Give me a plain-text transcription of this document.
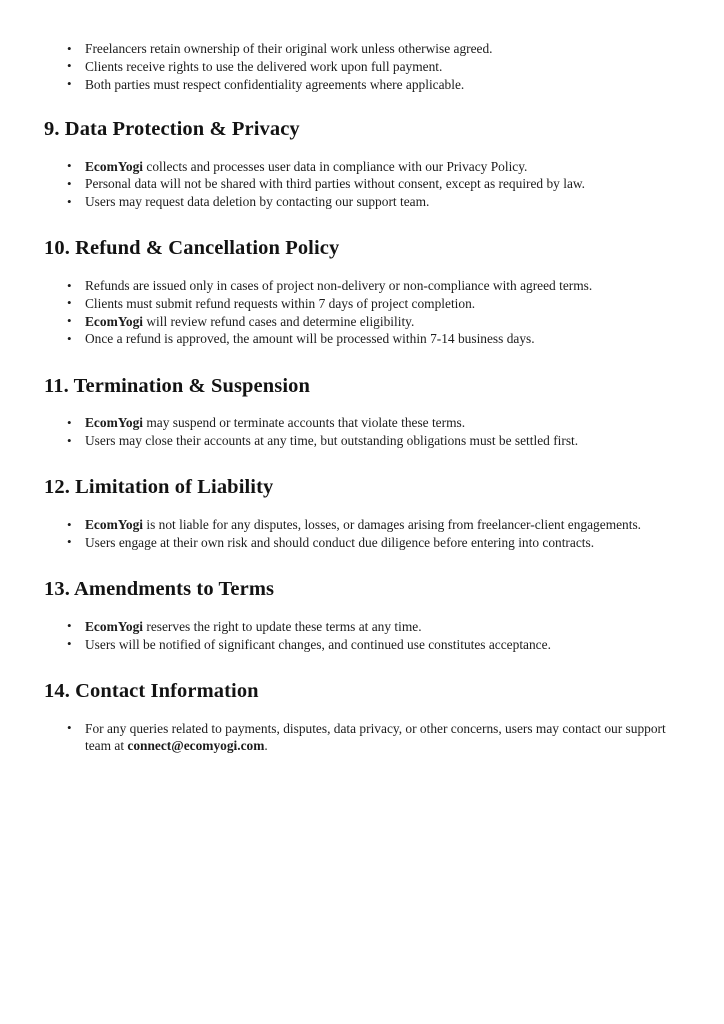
• Freelancers retain ownership of their original work unless otherwise agreed.
• Clients receive rights to use the delivered work upon full payment.
• Both parties must respect confidentiality agreements where applicable.
9. Data Protection & Privacy
• EcomYogi collects and processes user data in compliance with our Privacy Policy.
• Personal data will not be shared with third parties without consent, except as required by law.
• Users may request data deletion by contacting our support team.
10. Refund & Cancellation Policy
• Refunds are issued only in cases of project non-delivery or non-compliance with agreed terms.
• Clients must submit refund requests within 7 days of project completion.
• EcomYogi will review refund cases and determine eligibility.
• Once a refund is approved, the amount will be processed within 7-14 business days.
11. Termination & Suspension
• EcomYogi may suspend or terminate accounts that violate these terms.
• Users may close their accounts at any time, but outstanding obligations must be settled first.
12. Limitation of Liability
• EcomYogi is not liable for any disputes, losses, or damages arising from freelancer-client engagements.
• Users engage at their own risk and should conduct due diligence before entering into contracts.
13. Amendments to Terms
• EcomYogi reserves the right to update these terms at any time.
• Users will be notified of significant changes, and continued use constitutes acceptance.
14. Contact Information
• For any queries related to payments, disputes, data privacy, or other concerns, users may contact our support team at connect@ecomyogi.com.
